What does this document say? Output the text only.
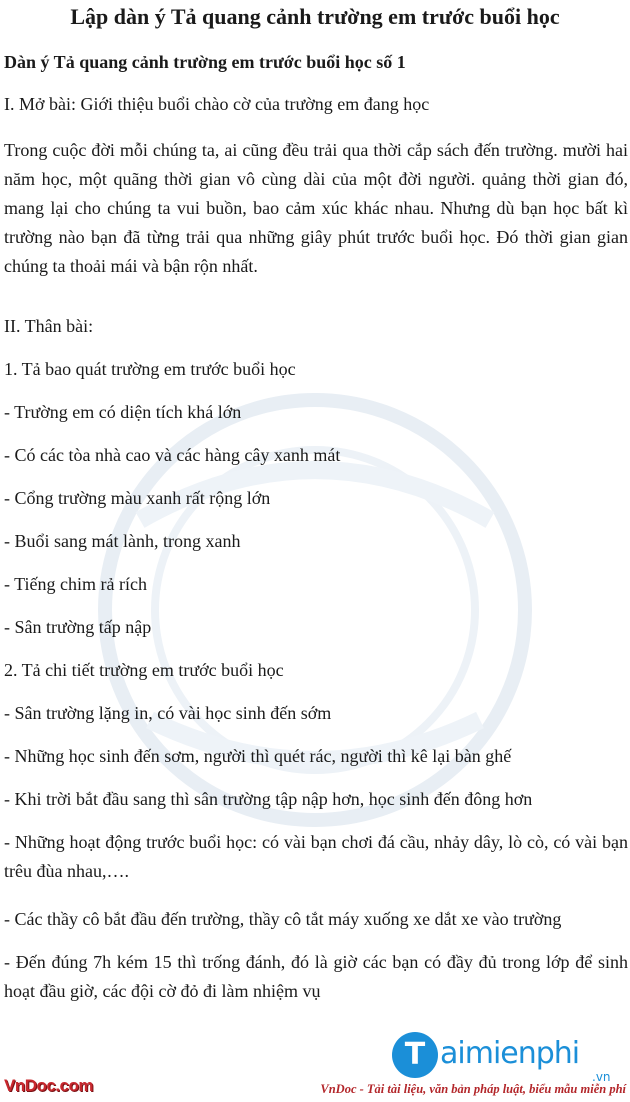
Lập dàn ý Tả quang cảnh trường em trước buổi học
Dàn ý Tả quang cảnh trường em trước buổi học số 1

I. Mở bài: Giới thiệu buổi chào cờ của trường em đang học

Trong cuộc đời mỗi chúng ta, ai cũng đều trải qua thời cắp sách đến trường. mười hai năm học, một quãng thời gian vô cùng dài của một đời người. quảng thời gian đó, mang lại cho chúng ta vui buồn, bao cảm xúc khác nhau. Nhưng dù bạn học bất kì trường nào bạn đã từng trải qua những giây phút trước buổi học. Đó thời gian gian chúng ta thoải mái và bận rộn nhất.

II. Thân bài:

1. Tả bao quát trường em trước buổi học

- Trường em có diện tích khá lớn

- Có các tòa nhà cao và các hàng cây xanh mát

- Cổng trường màu xanh rất rộng lớn

- Buổi sang mát lành, trong xanh

- Tiếng chim rả rích

- Sân trường tấp nập

2. Tả chi tiết trường em trước buổi học

- Sân trường lặng in, có vài học sinh đến sớm

- Những học sinh đến sơm, người thì quét rác, người thì kê lại bàn ghế

- Khi trời bắt đầu sang thì sân trường tập nập hơn, học sinh đến đông hơn

- Những hoạt động trước buổi học: có vài bạn chơi đá cầu, nhảy dây, lò cò, có vài bạn trêu đùa nhau,….

- Các thầy cô bắt đầu đến trường, thầy cô tắt máy xuống xe dắt xe vào trường

- Đến đúng 7h kém 15 thì trống đánh, đó là giờ các bạn có đầy đủ trong lớp để sinh hoạt đầu giờ, các đội cờ đỏ đi làm nhiệm vụ

T aimienphi
.vn
VnDoc.com	VnDoc - Tải tài liệu, văn bản pháp luật, biểu mẫu miễn phí
